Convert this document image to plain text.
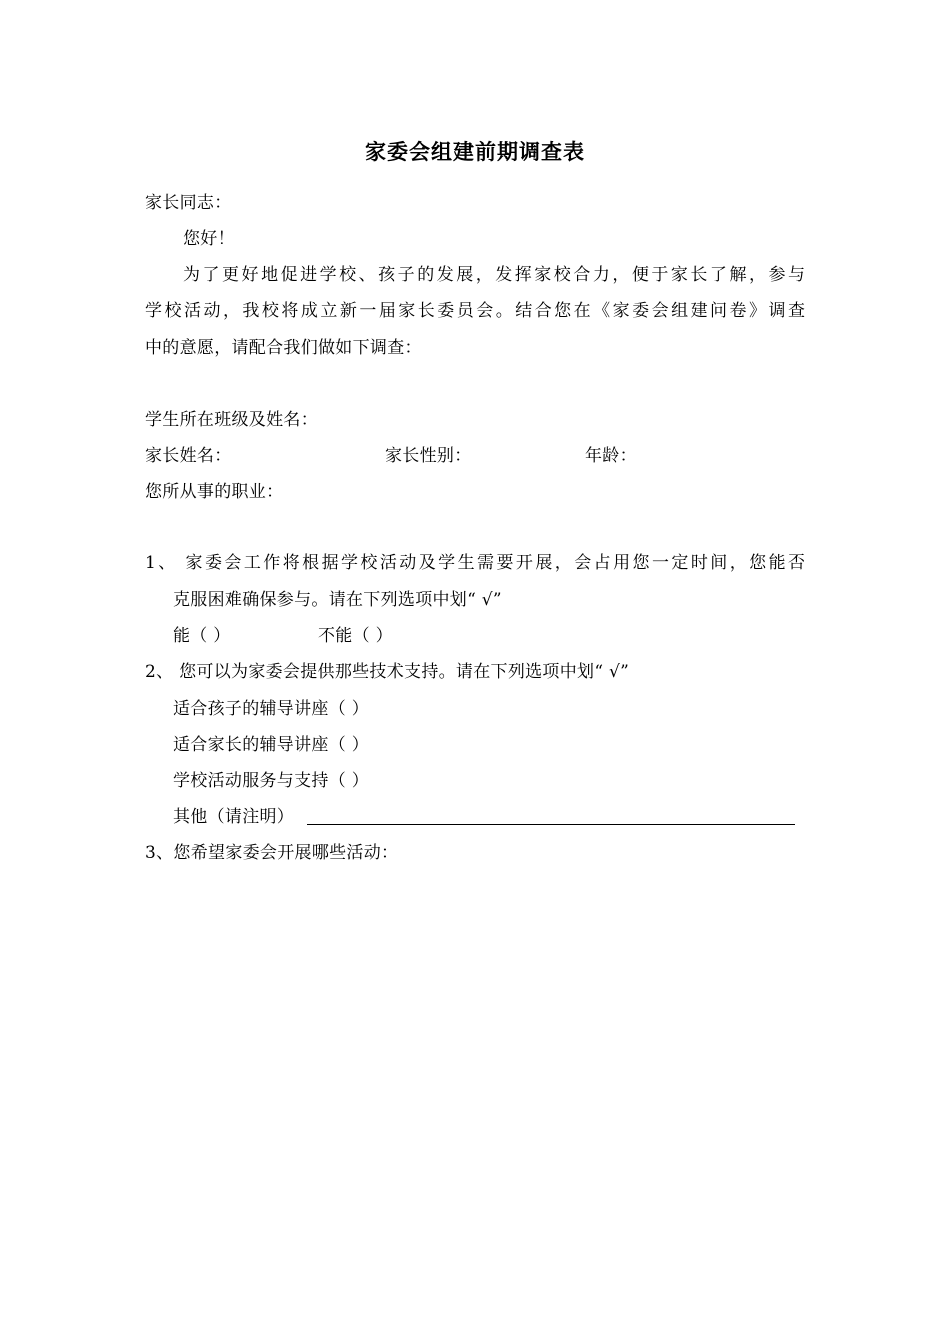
家委会组建前期调查表
家长同志：
您好！
为了更好地促进学校、孩子的发展，发挥家校合力，便于家长了解，参与
学校活动，我校将成立新一届家长委员会。结合您在《家委会组建问卷》调查
中的意愿，请配合我们做如下调查：
学生所在班级及姓名：
家长姓名：	家长性别：	年龄：
您所从事的职业：
1、 家委会工作将根据学校活动及学生需要开展，会占用您一定时间，您能否
克服困难确保参与。请在下列选项中划“ √”
能（ ）	不能（ ）
2、 您可以为家委会提供那些技术支持。请在下列选项中划“ √”
适合孩子的辅导讲座（ ）
适合家长的辅导讲座（ ）
学校活动服务与支持（ ）
其他（请注明）
3、您希望家委会开展哪些活动：
